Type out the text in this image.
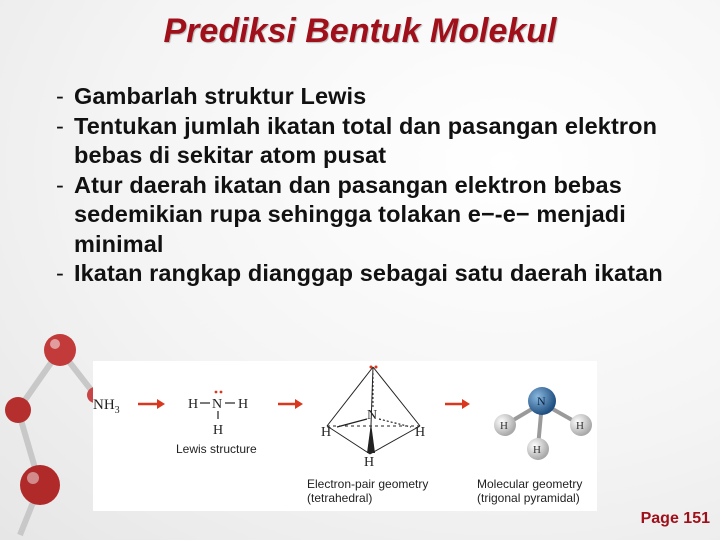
Prediksi Bentuk Molekul
- Gambarlah struktur Lewis
- Tentukan jumlah ikatan total dan pasangan elektron bebas di sekitar atom pusat
- Atur daerah ikatan dan pasangan elektron bebas sedemikian rupa sehingga tolakan e−-e− menjadi minimal
- Ikatan rangkap dianggap sebagai satu daerah ikatan
$NH_3$	H N H
H
Lewis structure
N
H	H
H
Electron-pair geometry
(tetrahedral)
N
H	H
H
Molecular geometry
(trigonal pyramidal)
Page 151
